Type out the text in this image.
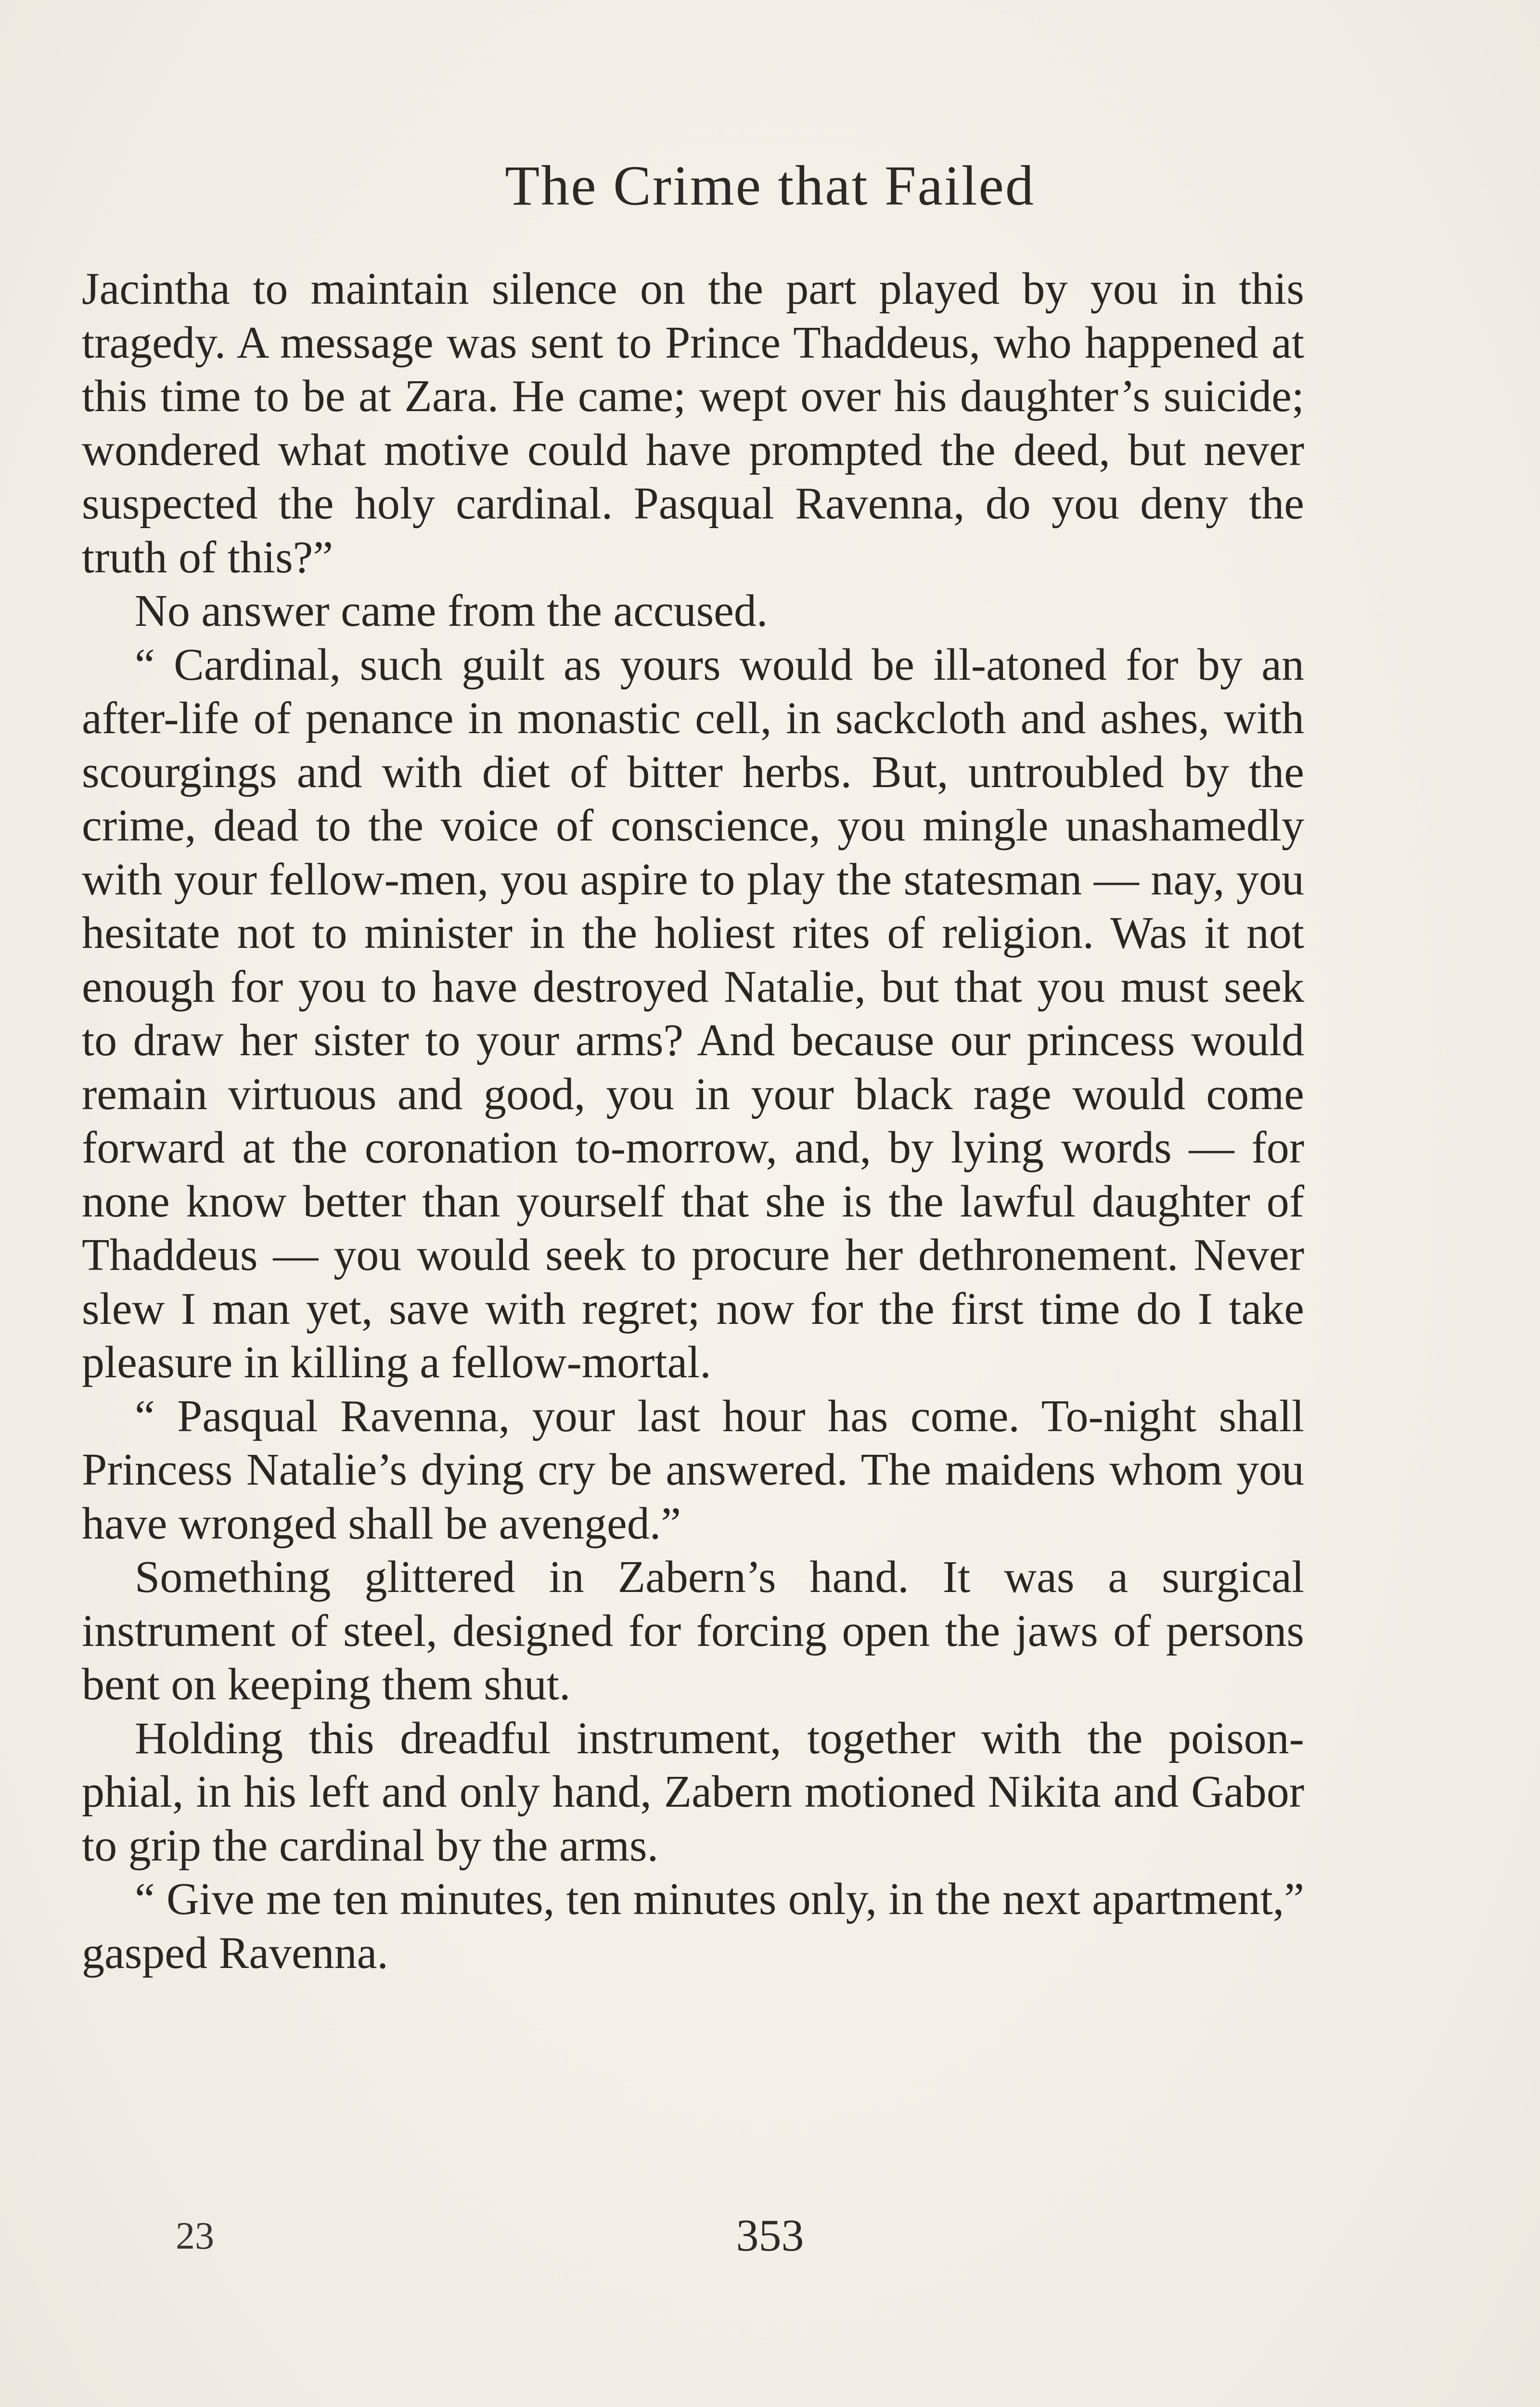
The Crime that Failed

Jacintha to maintain silence on the part played by you in this tragedy. A message was sent to Prince Thaddeus, who happened at this time to be at Zara. He came; wept over his daughter’s suicide; wondered what motive could have prompted the deed, but never suspected the holy cardinal. Pasqual Ravenna, do you deny the truth of this?”

No answer came from the accused.

“ Cardinal, such guilt as yours would be ill-atoned for by an after-life of penance in monastic cell, in sackcloth and ashes, with scourgings and with diet of bitter herbs. But, untroubled by the crime, dead to the voice of conscience, you mingle unashamedly with your fellow-men, you aspire to play the statesman — nay, you hesitate not to minister in the holiest rites of religion. Was it not enough for you to have destroyed Natalie, but that you must seek to draw her sister to your arms? And because our princess would remain virtuous and good, you in your black rage would come forward at the coronation to-morrow, and, by lying words — for none know better than yourself that she is the lawful daughter of Thaddeus — you would seek to procure her dethronement. Never slew I man yet, save with regret; now for the first time do I take pleasure in killing a fellow-mortal.

“ Pasqual Ravenna, your last hour has come. To-night shall Princess Natalie’s dying cry be answered. The maidens whom you have wronged shall be avenged.”

Something glittered in Zabern’s hand. It was a surgical instrument of steel, designed for forcing open the jaws of persons bent on keeping them shut.

Holding this dreadful instrument, together with the poison-phial, in his left and only hand, Zabern motioned Nikita and Gabor to grip the cardinal by the arms.

“ Give me ten minutes, ten minutes only, in the next apartment,” gasped Ravenna.

23	353
